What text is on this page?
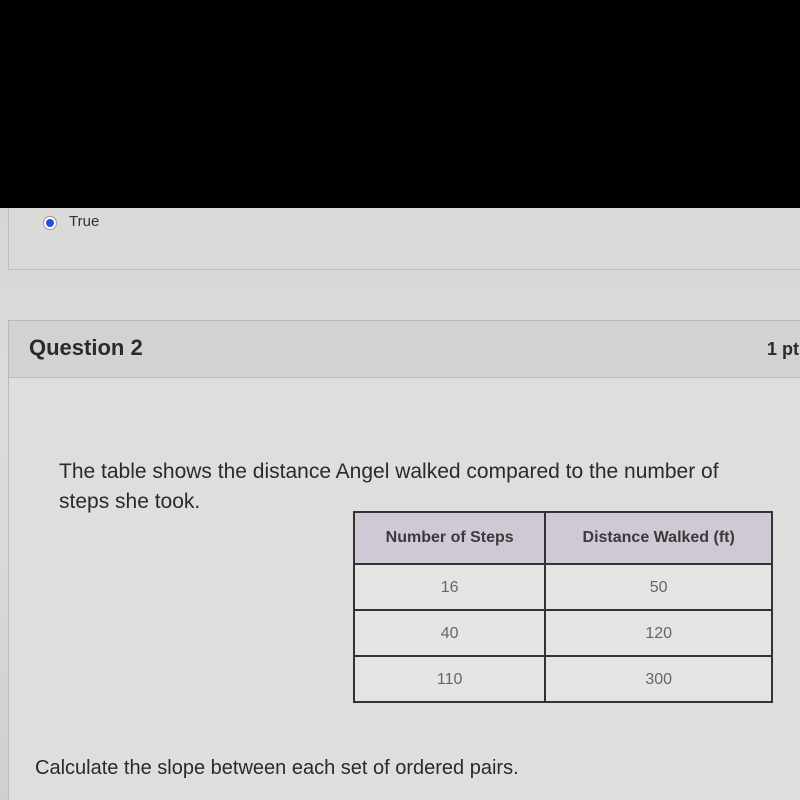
True
Question 2	1 pt
The table shows the distance Angel walked compared to the number of steps she took.
Number of Steps	Distance Walked (ft)
16	50
40	120
110	300
Calculate the slope between each set of ordered pairs.
